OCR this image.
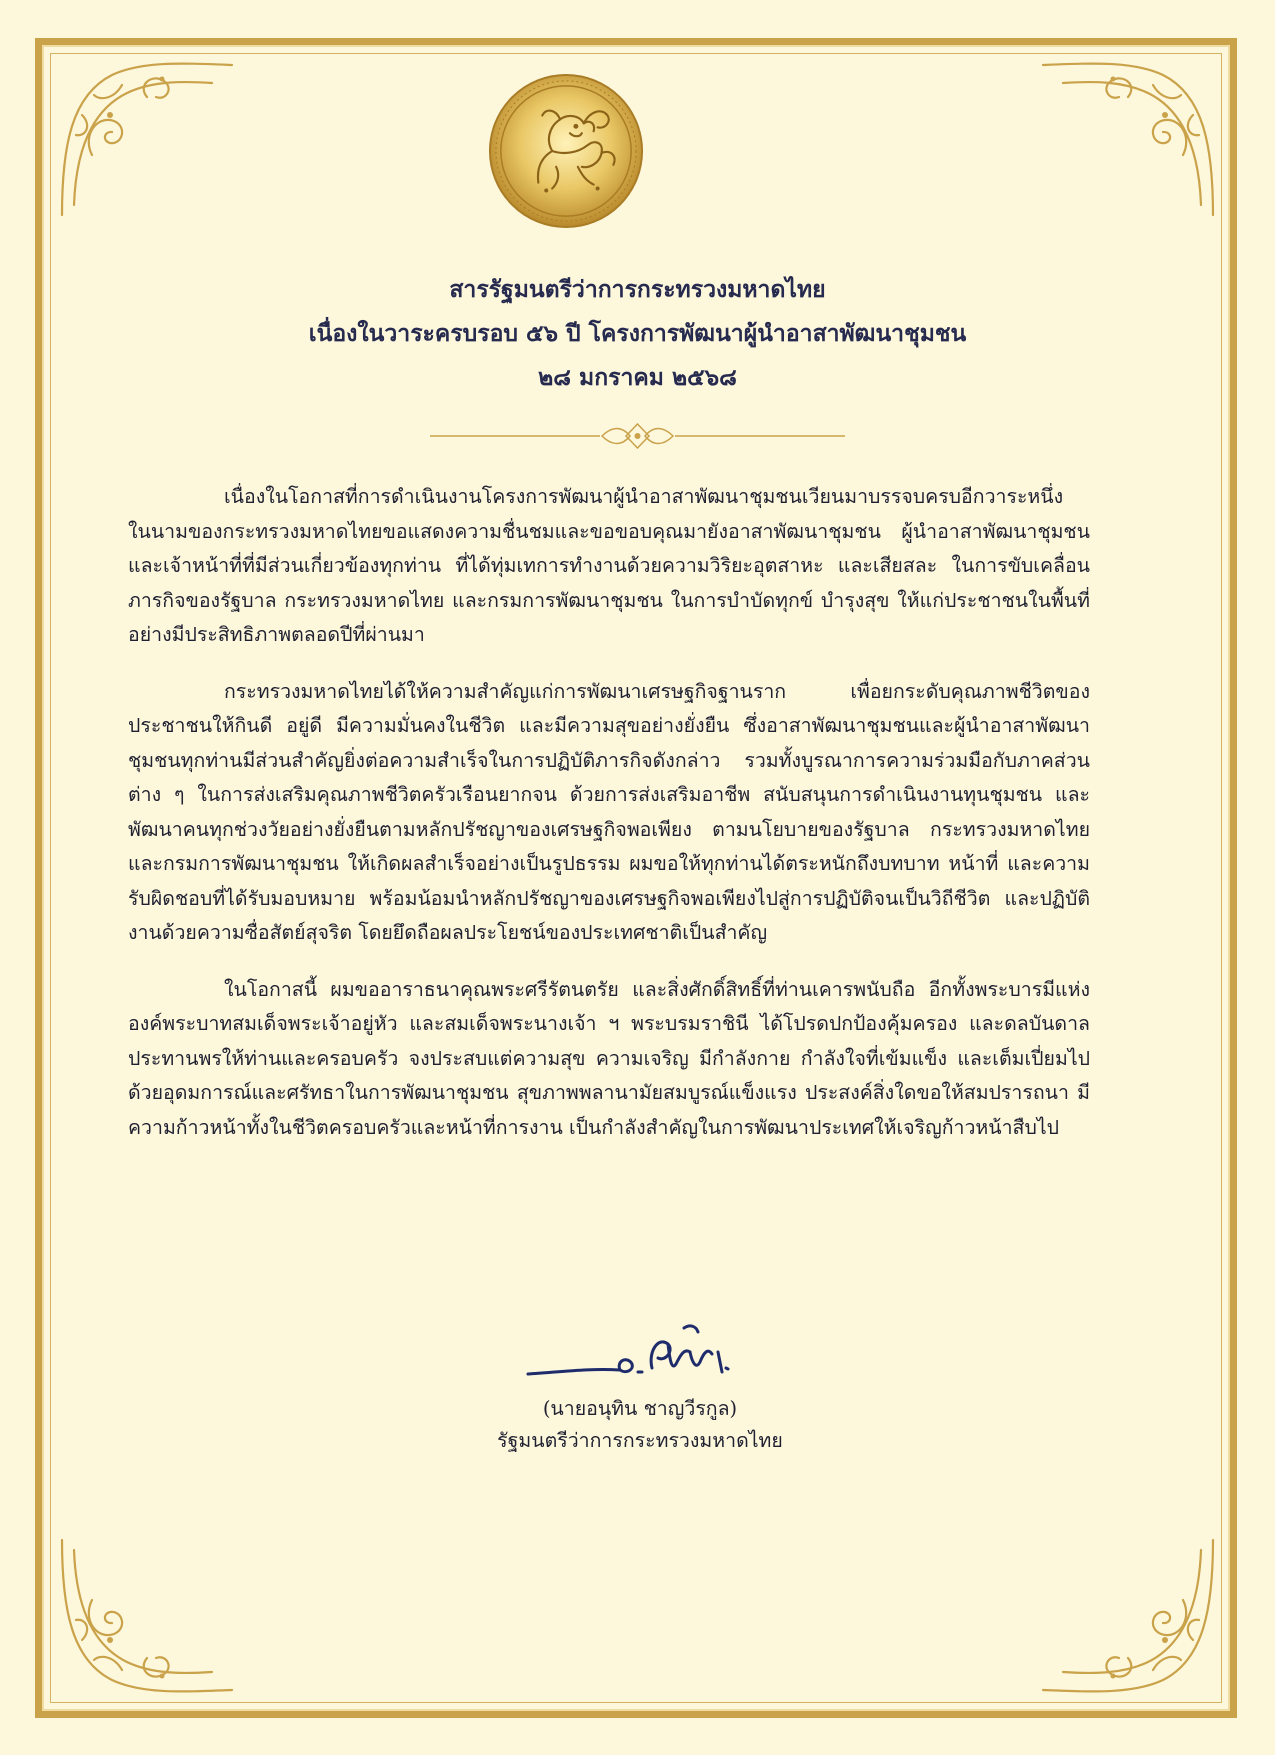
สารรัฐมนตรีว่าการกระทรวงมหาดไทย
เนื่องในวาระครบรอบ ๕๖ ปี โครงการพัฒนาผู้นำอาสาพัฒนาชุมชน
๒๘ มกราคม ๒๕๖๘

เนื่องในโอกาสที่การดำเนินงานโครงการพัฒนาผู้นำอาสาพัฒนาชุมชนเวียนมาบรรจบครบอีกวาระหนึ่ง ในนามของกระทรวงมหาดไทยขอแสดงความชื่นชมและขอขอบคุณมายังอาสาพัฒนาชุมชน ผู้นำอาสาพัฒนาชุมชน และเจ้าหน้าที่ที่มีส่วนเกี่ยวข้องทุกท่าน ที่ได้ทุ่มเทการทำงานด้วยความวิริยะอุตสาหะ และเสียสละ ในการขับเคลื่อนภารกิจของรัฐบาล กระทรวงมหาดไทย และกรมการพัฒนาชุมชน ในการบำบัดทุกข์ บำรุงสุข ให้แก่ประชาชนในพื้นที่อย่างมีประสิทธิภาพตลอดปีที่ผ่านมา

กระทรวงมหาดไทยได้ให้ความสำคัญแก่การพัฒนาเศรษฐกิจฐานราก เพื่อยกระดับคุณภาพชีวิตของประชาชนให้กินดี อยู่ดี มีความมั่นคงในชีวิต และมีความสุขอย่างยั่งยืน ซึ่งอาสาพัฒนาชุมชนและผู้นำอาสาพัฒนาชุมชนทุกท่านมีส่วนสำคัญยิ่งต่อความสำเร็จในการปฏิบัติภารกิจดังกล่าว รวมทั้งบูรณาการความร่วมมือกับภาคส่วนต่าง ๆ ในการส่งเสริมคุณภาพชีวิตครัวเรือนยากจน ด้วยการส่งเสริมอาชีพ สนับสนุนการดำเนินงานทุนชุมชน และพัฒนาคนทุกช่วงวัยอย่างยั่งยืนตามหลักปรัชญาของเศรษฐกิจพอเพียง ตามนโยบายของรัฐบาล กระทรวงมหาดไทย และกรมการพัฒนาชุมชน ให้เกิดผลสำเร็จอย่างเป็นรูปธรรม ผมขอให้ทุกท่านได้ตระหนักถึงบทบาท หน้าที่ และความรับผิดชอบที่ได้รับมอบหมาย พร้อมน้อมนำหลักปรัชญาของเศรษฐกิจพอเพียงไปสู่การปฏิบัติจนเป็นวิถีชีวิต และปฏิบัติงานด้วยความซื่อสัตย์สุจริต โดยยึดถือผลประโยชน์ของประเทศชาติเป็นสำคัญ

ในโอกาสนี้ ผมขออาราธนาคุณพระศรีรัตนตรัย และสิ่งศักดิ์สิทธิ์ที่ท่านเคารพนับถือ อีกทั้งพระบารมีแห่งองค์พระบาทสมเด็จพระเจ้าอยู่หัว และสมเด็จพระนางเจ้า ฯ พระบรมราชินี ได้โปรดปกป้องคุ้มครอง และดลบันดาลประทานพรให้ท่านและครอบครัว จงประสบแต่ความสุข ความเจริญ มีกำลังกาย กำลังใจที่เข้มแข็ง และเต็มเปี่ยมไปด้วยอุดมการณ์และศรัทธาในการพัฒนาชุมชน สุขภาพพลานามัยสมบูรณ์แข็งแรง ประสงค์สิ่งใดขอให้สมปรารถนา มีความก้าวหน้าทั้งในชีวิตครอบครัวและหน้าที่การงาน เป็นกำลังสำคัญในการพัฒนาประเทศให้เจริญก้าวหน้าสืบไป

(นายอนุทิน ชาญวีรกูล)
รัฐมนตรีว่าการกระทรวงมหาดไทย
